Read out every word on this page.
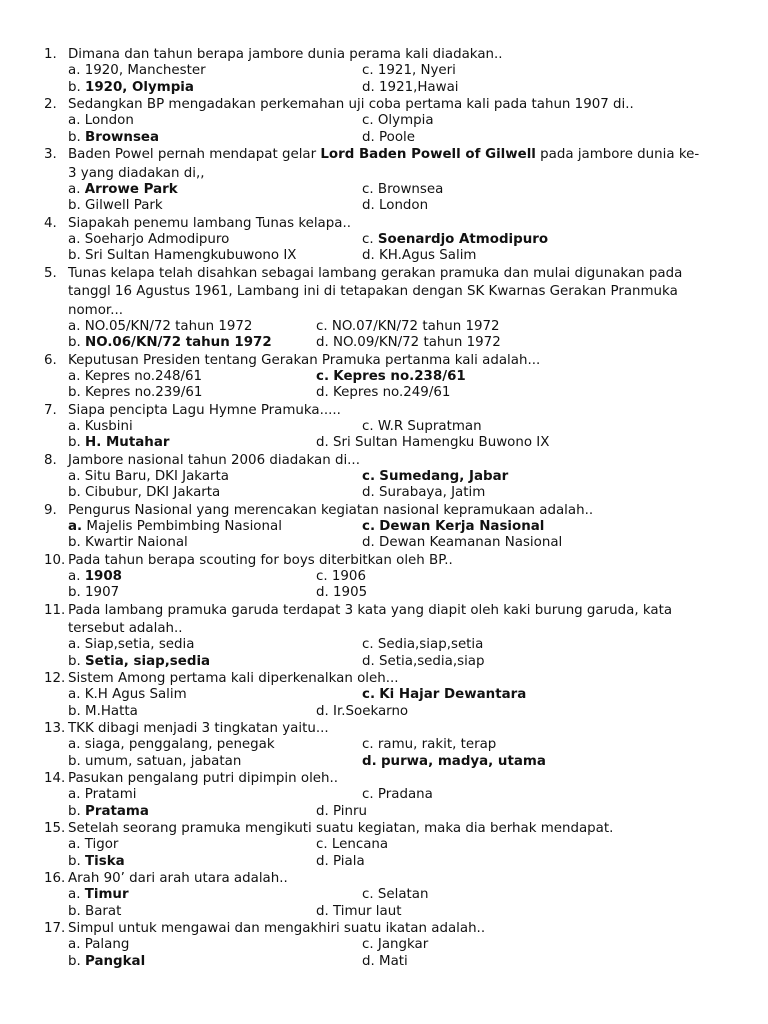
1. Dimana dan tahun berapa jambore dunia perama kali diadakan..
a. 1920, Manchester	c. 1921, Nyeri
b. 1920, Olympia	d. 1921,Hawai
2. Sedangkan BP mengadakan perkemahan uji coba pertama kali pada tahun 1907 di..
a. London	c. Olympia
b. Brownsea	d. Poole
3. Baden Powel pernah mendapat gelar Lord Baden Powell of Gilwell pada jambore dunia ke-
3 yang diadakan di,,
a. Arrowe Park	c. Brownsea
b. Gilwell Park	d. London
4. Siapakah penemu lambang Tunas kelapa..
a. Soeharjo Admodipuro	c. Soenardjo Atmodipuro
b. Sri Sultan Hamengkubuwono IX	d. KH.Agus Salim
5. Tunas kelapa telah disahkan sebagai lambang gerakan pramuka dan mulai digunakan pada
tanggl 16 Agustus 1961, Lambang ini di tetapakan dengan SK Kwarnas Gerakan Pranmuka
nomor...
a. NO.05/KN/72 tahun 1972	c. NO.07/KN/72 tahun 1972
b. NO.06/KN/72 tahun 1972	d. NO.09/KN/72 tahun 1972
6. Keputusan Presiden tentang Gerakan Pramuka pertanma kali adalah...
a. Kepres no.248/61	c. Kepres no.238/61
b. Kepres no.239/61	d. Kepres no.249/61
7. Siapa pencipta Lagu Hymne Pramuka.....
a. Kusbini	c. W.R Supratman
b. H. Mutahar	d. Sri Sultan Hamengku Buwono IX
8. Jambore nasional tahun 2006 diadakan di...
a. Situ Baru, DKI Jakarta	c. Sumedang, Jabar
b. Cibubur, DKI Jakarta	d. Surabaya, Jatim
9. Pengurus Nasional yang merencakan kegiatan nasional kepramukaan adalah..
a. Majelis Pembimbing Nasional	c. Dewan Kerja Nasional
b. Kwartir Naional	d. Dewan Keamanan Nasional
10. Pada tahun berapa scouting for boys diterbitkan oleh BP..
a. 1908	c. 1906
b. 1907	d. 1905
11. Pada lambang pramuka garuda terdapat 3 kata yang diapit oleh kaki burung garuda, kata
tersebut adalah..
a. Siap,setia, sedia	c. Sedia,siap,setia
b. Setia, siap,sedia	d. Setia,sedia,siap
12. Sistem Among pertama kali diperkenalkan oleh...
a. K.H Agus Salim	c. Ki Hajar Dewantara
b. M.Hatta	d. Ir.Soekarno
13. TKK dibagi menjadi 3 tingkatan yaitu...
a. siaga, penggalang, penegak	c. ramu, rakit, terap
b. umum, satuan, jabatan	d. purwa, madya, utama
14. Pasukan pengalang putri dipimpin oleh..
a. Pratami	c. Pradana
b. Pratama	d. Pinru
15. Setelah seorang pramuka mengikuti suatu kegiatan, maka dia berhak mendapat.
a. Tigor	c. Lencana
b. Tiska	d. Piala
16. Arah 90’ dari arah utara adalah..
a. Timur	c. Selatan
b. Barat	d. Timur laut
17. Simpul untuk mengawai dan mengakhiri suatu ikatan adalah..
a. Palang	c. Jangkar
b. Pangkal	d. Mati
